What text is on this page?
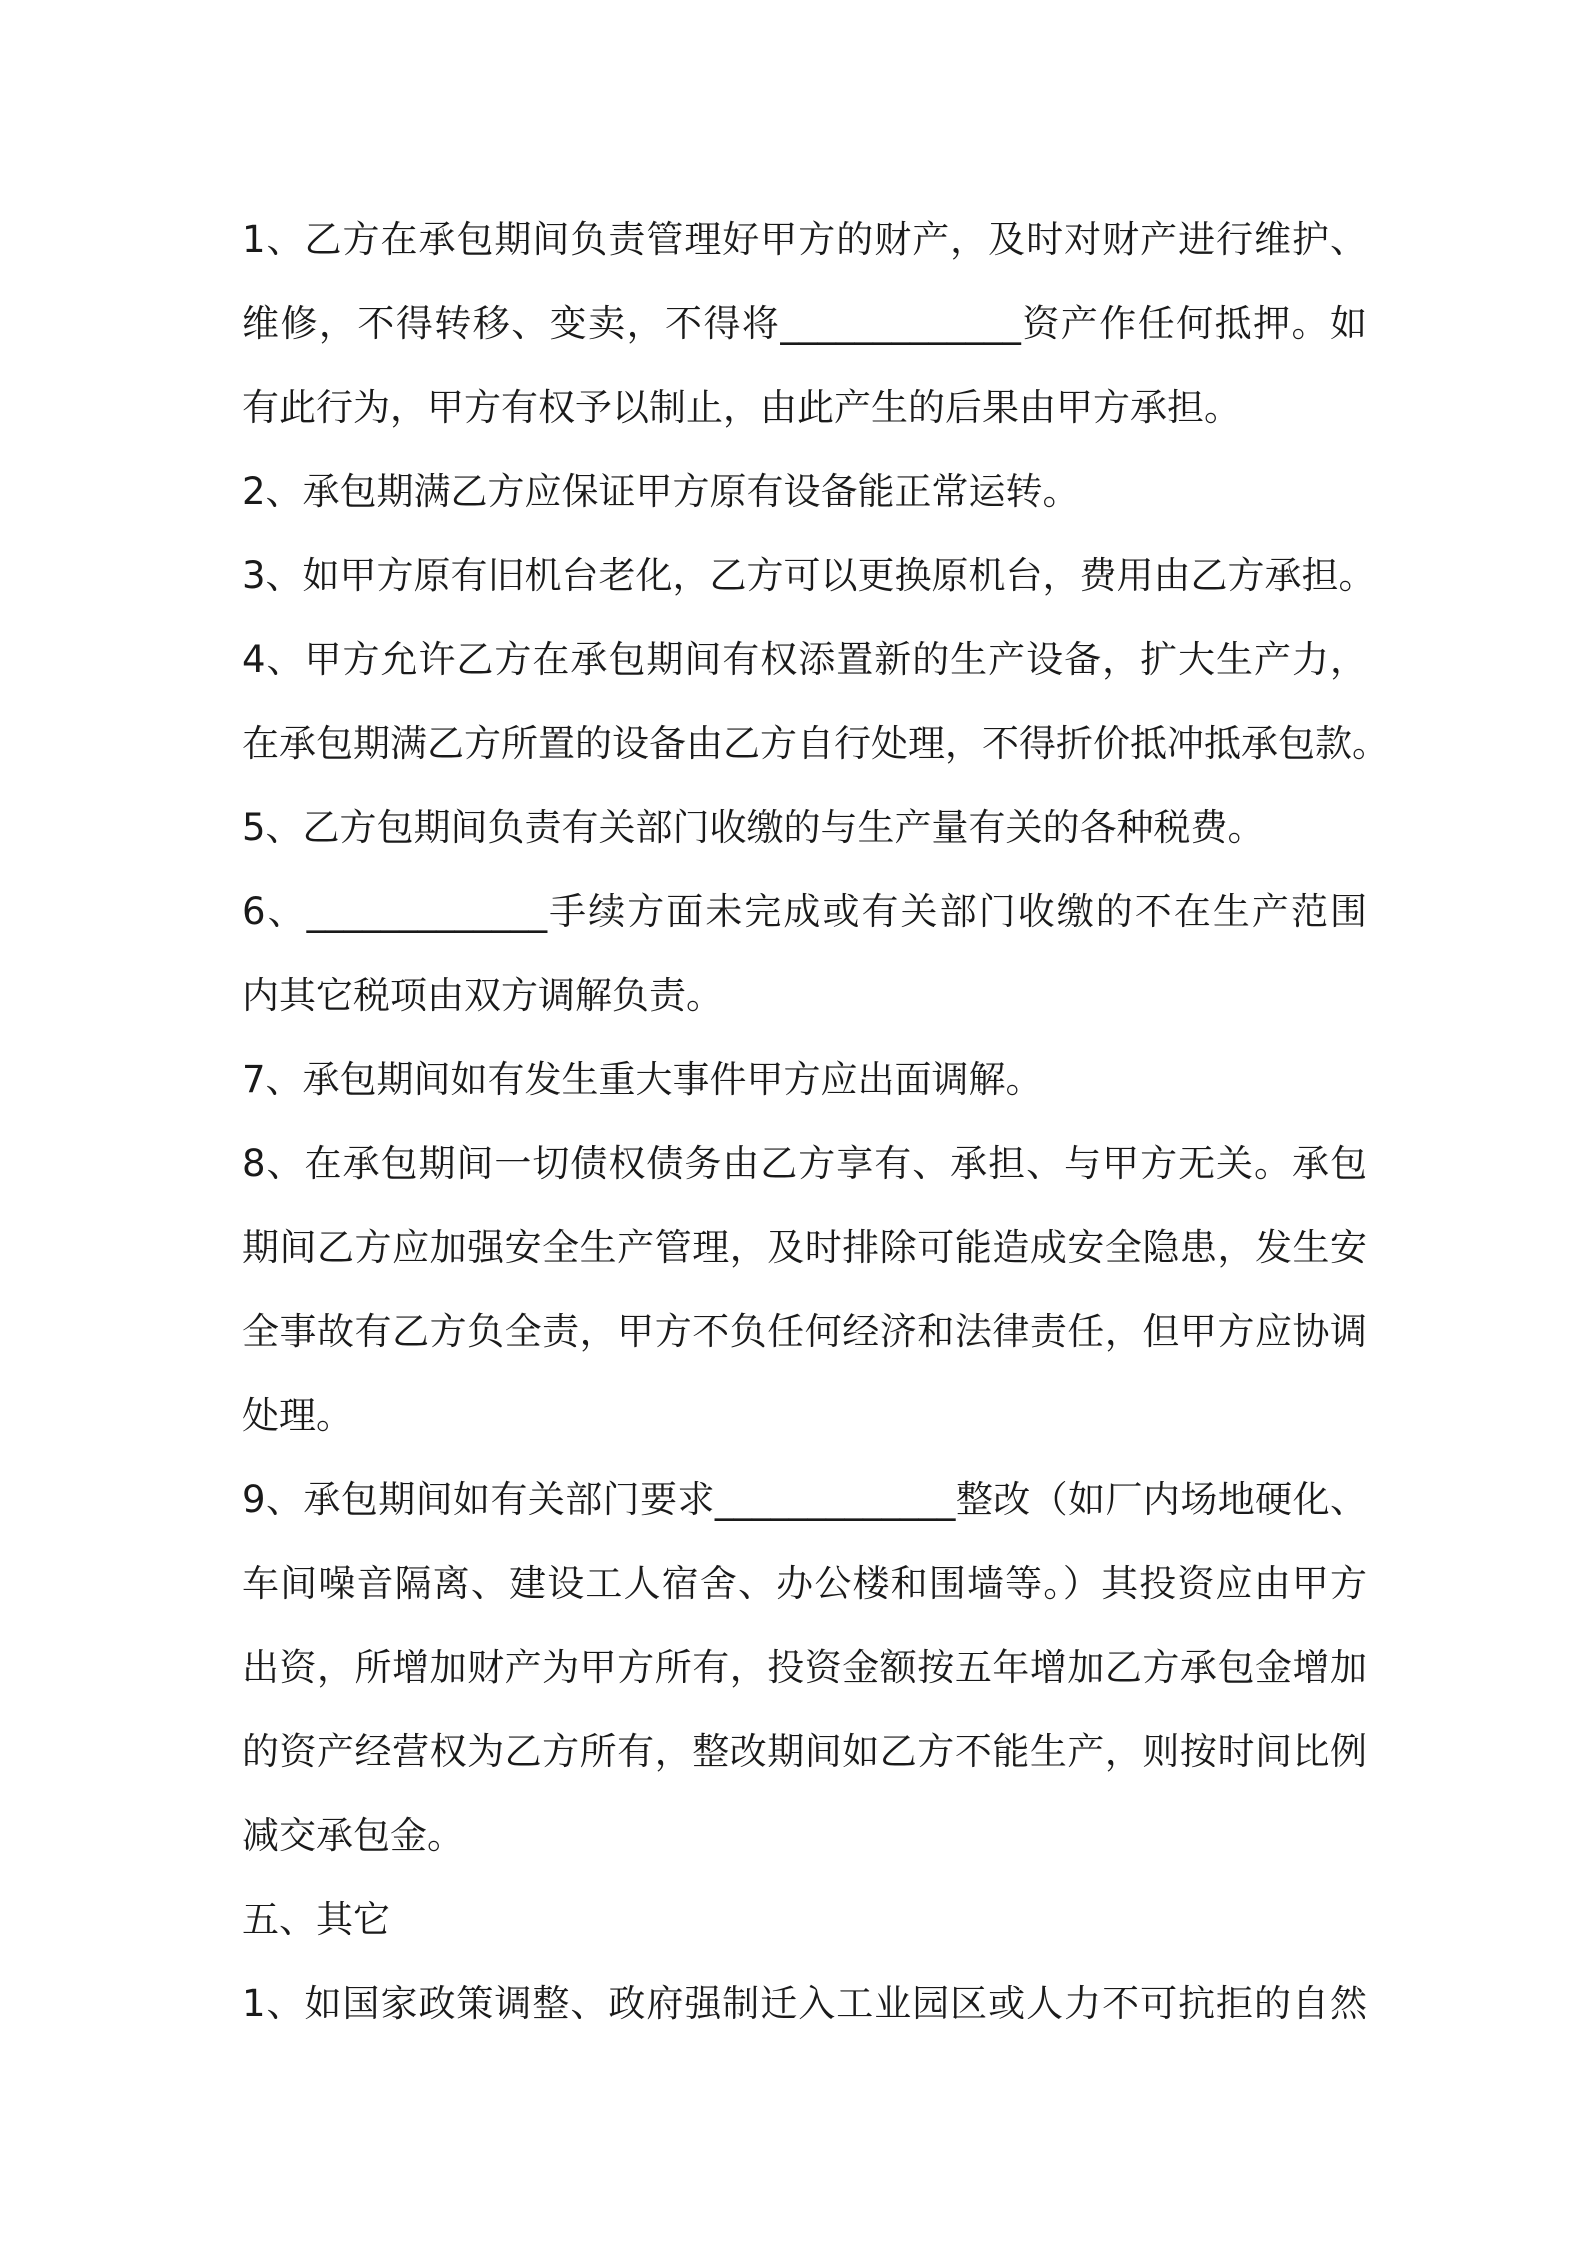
1、乙方在承包期间负责管理好甲方的财产，及时对财产进行维护、
维修，不得转移、变卖，不得将_____________资产作任何抵押。如
有此行为，甲方有权予以制止，由此产生的后果由甲方承担。
2、承包期满乙方应保证甲方原有设备能正常运转。
3、如甲方原有旧机台老化，乙方可以更换原机台，费用由乙方承担。
4、甲方允许乙方在承包期间有权添置新的生产设备，扩大生产力，
在承包期满乙方所置的设备由乙方自行处理，不得折价抵冲抵承包款。
5、乙方包期间负责有关部门收缴的与生产量有关的各种税费。
6、_____________手续方面未完成或有关部门收缴的不在生产范围
内其它税项由双方调解负责。
7、承包期间如有发生重大事件甲方应出面调解。
8、在承包期间一切债权债务由乙方享有、承担、与甲方无关。承包
期间乙方应加强安全生产管理，及时排除可能造成安全隐患，发生安
全事故有乙方负全责，甲方不负任何经济和法律责任，但甲方应协调
处理。
9、承包期间如有关部门要求_____________整改（如厂内场地硬化、
车间噪音隔离、建设工人宿舍、办公楼和围墙等。）其投资应由甲方
出资，所增加财产为甲方所有，投资金额按五年增加乙方承包金增加
的资产经营权为乙方所有，整改期间如乙方不能生产，则按时间比例
减交承包金。
五、其它
1、如国家政策调整、政府强制迁入工业园区或人力不可抗拒的自然
